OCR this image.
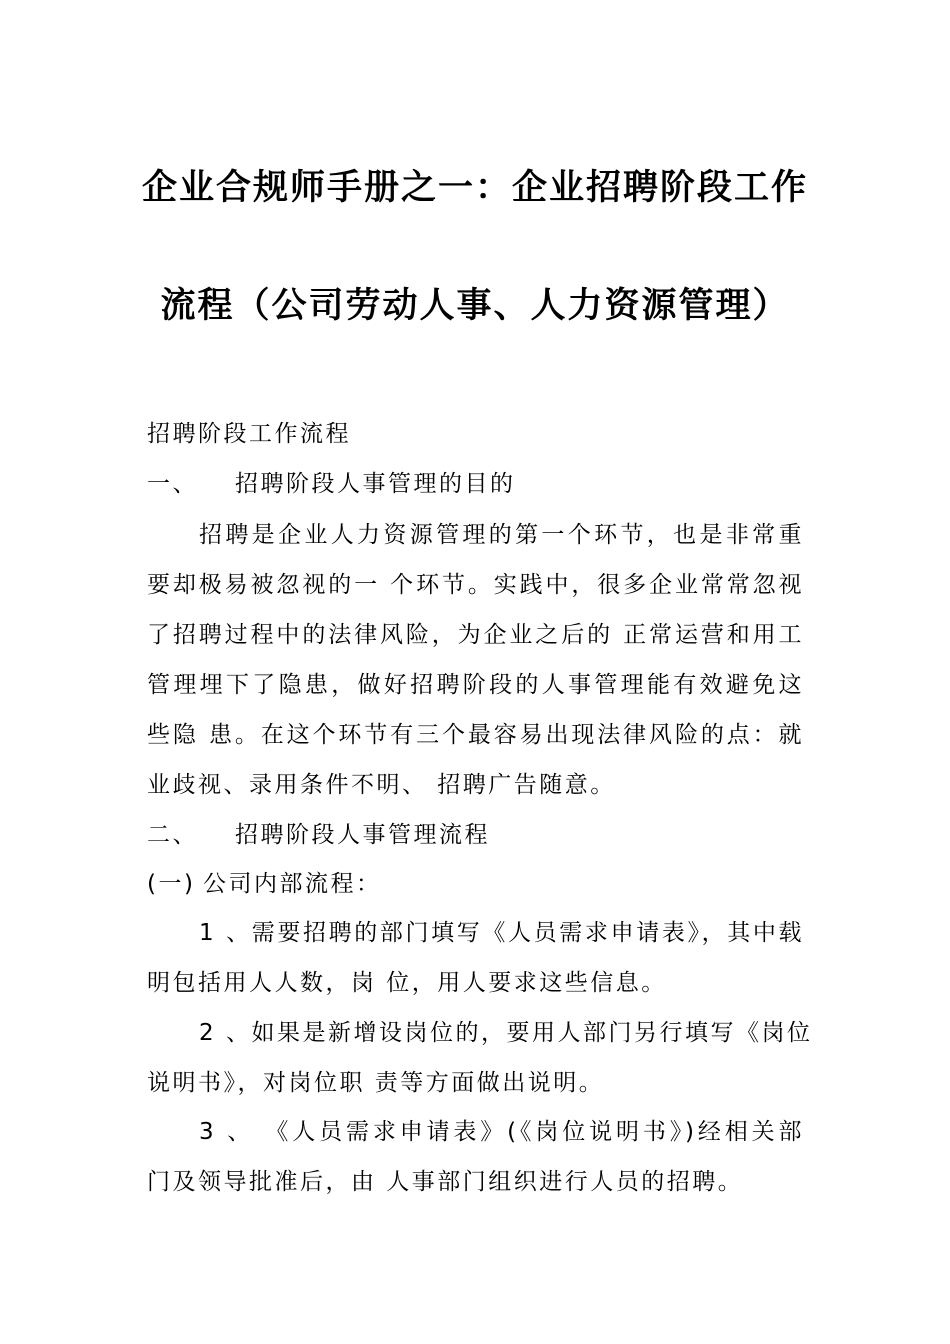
企业合规师手册之一：企业招聘阶段工作
流程（公司劳动人事、人力资源管理）
招聘阶段工作流程
一、 招聘阶段人事管理的目的
招聘是企业人力资源管理的第一个环节，也是非常重
要却极易被忽视的一 个环节。实践中，很多企业常常忽视
了招聘过程中的法律风险，为企业之后的 正常运营和用工
管理埋下了隐患，做好招聘阶段的人事管理能有效避免这
些隐 患。在这个环节有三个最容易出现法律风险的点：就
业歧视、录用条件不明、 招聘广告随意。
二、 招聘阶段人事管理流程
(一) 公司内部流程：
1 、需要招聘的部门填写《人员需求申请表》，其中载
明包括用人人数，岗 位，用人要求这些信息。
2 、如果是新增设岗位的，要用人部门另行填写《岗位
说明书》，对岗位职 责等方面做出说明。
3 、 《人员需求申请表》(《岗位说明书》)经相关部
门及领导批准后，由 人事部门组织进行人员的招聘。
